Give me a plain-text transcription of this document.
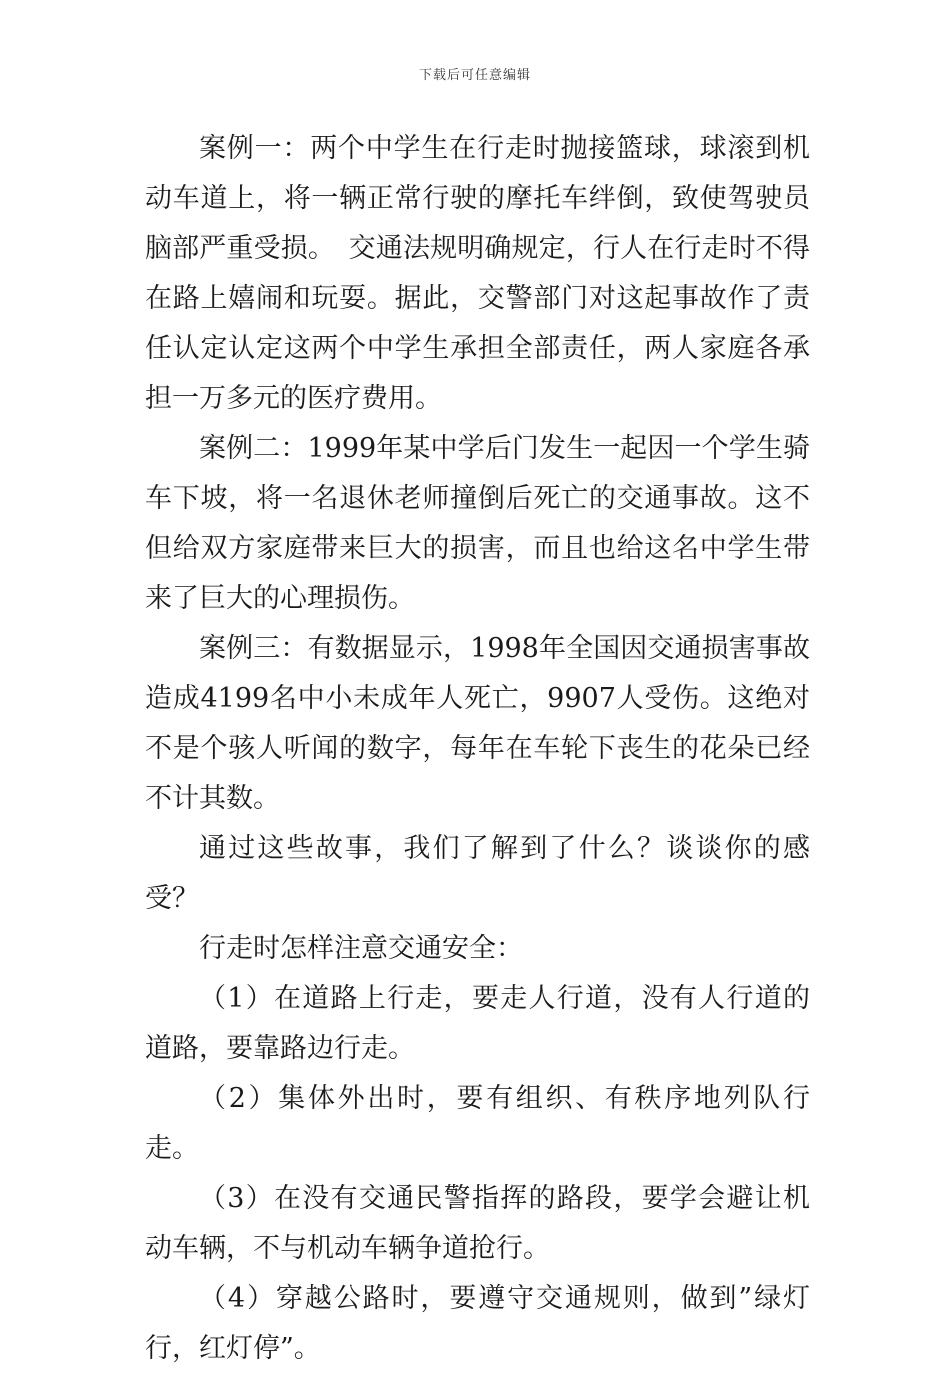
下载后可任意编辑

案例一：两个中学生在行走时抛接篮球，球滚到机动车道上，将一辆正常行驶的摩托车绊倒，致使驾驶员脑部严重受损。　交通法规明确规定，行人在行走时不得在路上嬉闹和玩耍。据此，交警部门对这起事故作了责任认定认定这两个中学生承担全部责任，两人家庭各承担一万多元的医疗费用。

案例二：1999年某中学后门发生一起因一个学生骑车下坡，将一名退休老师撞倒后死亡的交通事故。这不但给双方家庭带来巨大的损害，而且也给这名中学生带来了巨大的心理损伤。

案例三：有数据显示，1998年全国因交通损害事故造成4199名中小未成年人死亡，9907人受伤。这绝对不是个骇人听闻的数字，每年在车轮下丧生的花朵已经不计其数。

通过这些故事，我们了解到了什么？谈谈你的感受？

行走时怎样注意交通安全：

（1）在道路上行走，要走人行道，没有人行道的道路，要靠路边行走。

（2）集体外出时，要有组织、有秩序地列队行走。

（3）在没有交通民警指挥的路段，要学会避让机动车辆，不与机动车辆争道抢行。

（4）穿越公路时，要遵守交通规则，做到”绿灯行，红灯停”。
